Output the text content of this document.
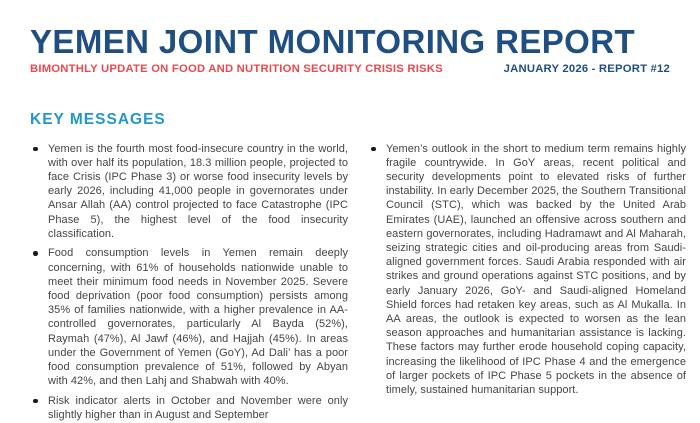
YEMEN JOINT MONITORING REPORT
BIMONTHLY UPDATE ON FOOD AND NUTRITION SECURITY CRISIS RISKS	JANUARY 2026 - REPORT #12
KEY MESSAGES

Yemen is the fourth most food-insecure country in the world, with over half its population, 18.3 million people, projected to face Crisis (IPC Phase 3) or worse food insecurity levels by early 2026, including 41,000 people in governorates under Ansar Allah (AA) control projected to face Catastrophe (IPC Phase 5), the highest level of the food insecurity classification.

Food consumption levels in Yemen remain deeply concerning, with 61% of households nationwide unable to meet their minimum food needs in November 2025. Severe food deprivation (poor food consumption) persists among 35% of families nationwide, with a higher prevalence in AA-controlled governorates, particularly Al Bayda (52%), Raymah (47%), Al Jawf (46%), and Hajjah (45%). In areas under the Government of Yemen (GoY), Ad Dali’ has a poor food consumption prevalence of 51%, followed by Abyan with 42%, and then Lahj and Shabwah with 40%.

Risk indicator alerts in October and November were only slightly higher than in August and September

Yemen’s outlook in the short to medium term remains highly fragile countrywide. In GoY areas, recent political and security developments point to elevated risks of further instability. In early December 2025, the Southern Transitional Council (STC), which was backed by the United Arab Emirates (UAE), launched an offensive across southern and eastern governorates, including Hadramawt and Al Maharah, seizing strategic cities and oil-producing areas from Saudi-aligned government forces. Saudi Arabia responded with air strikes and ground operations against STC positions, and by early January 2026, GoY- and Saudi-aligned Homeland Shield forces had retaken key areas, such as Al Mukalla. In AA areas, the outlook is expected to worsen as the lean season approaches and humanitarian assistance is lacking. These factors may further erode household coping capacity, increasing the likelihood of IPC Phase 4 and the emergence of larger pockets of IPC Phase 5 pockets in the absence of timely, sustained humanitarian support.
